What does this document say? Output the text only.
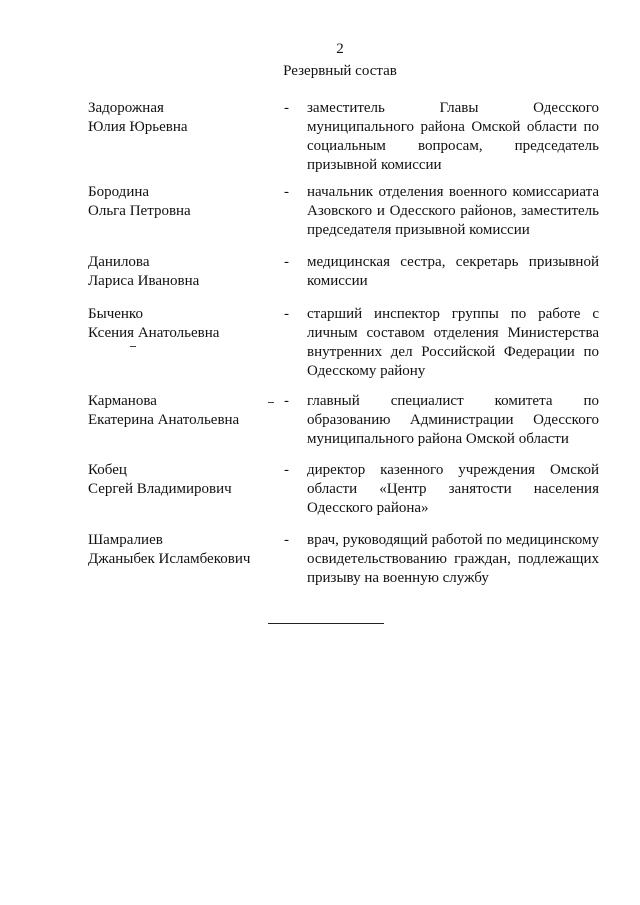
2
Резервный состав
Задорожная
Юлия Юрьевна
-	заместитель Главы Одесского муниципального района Омской области по социальным вопросам, председатель призывной комиссии
Бородина
Ольга Петровна
-	начальник отделения военного комиссариата Азовского и Одесского районов, заместитель председателя призывной комиссии
Данилова
Лариса Ивановна
-	медицинская сестра, секретарь призывной комиссии
Быченко
Ксения Анатольевна
-	старший инспектор группы по работе с личным составом отделения Министерства внутренних дел Российской Федерации по Одесскому району
Карманова
Екатерина Анатольевна
-	главный специалист комитета по образованию Администрации Одесского муниципального района Омской области
Кобец
Сергей Владимирович
-	директор казенного учреждения Омской области «Центр занятости населения Одесского района»
Шамралиев
Джаныбек Исламбекович
-	врач, руководящий работой по медицинскому освидетельствованию граждан, подлежащих призыву на военную службу
